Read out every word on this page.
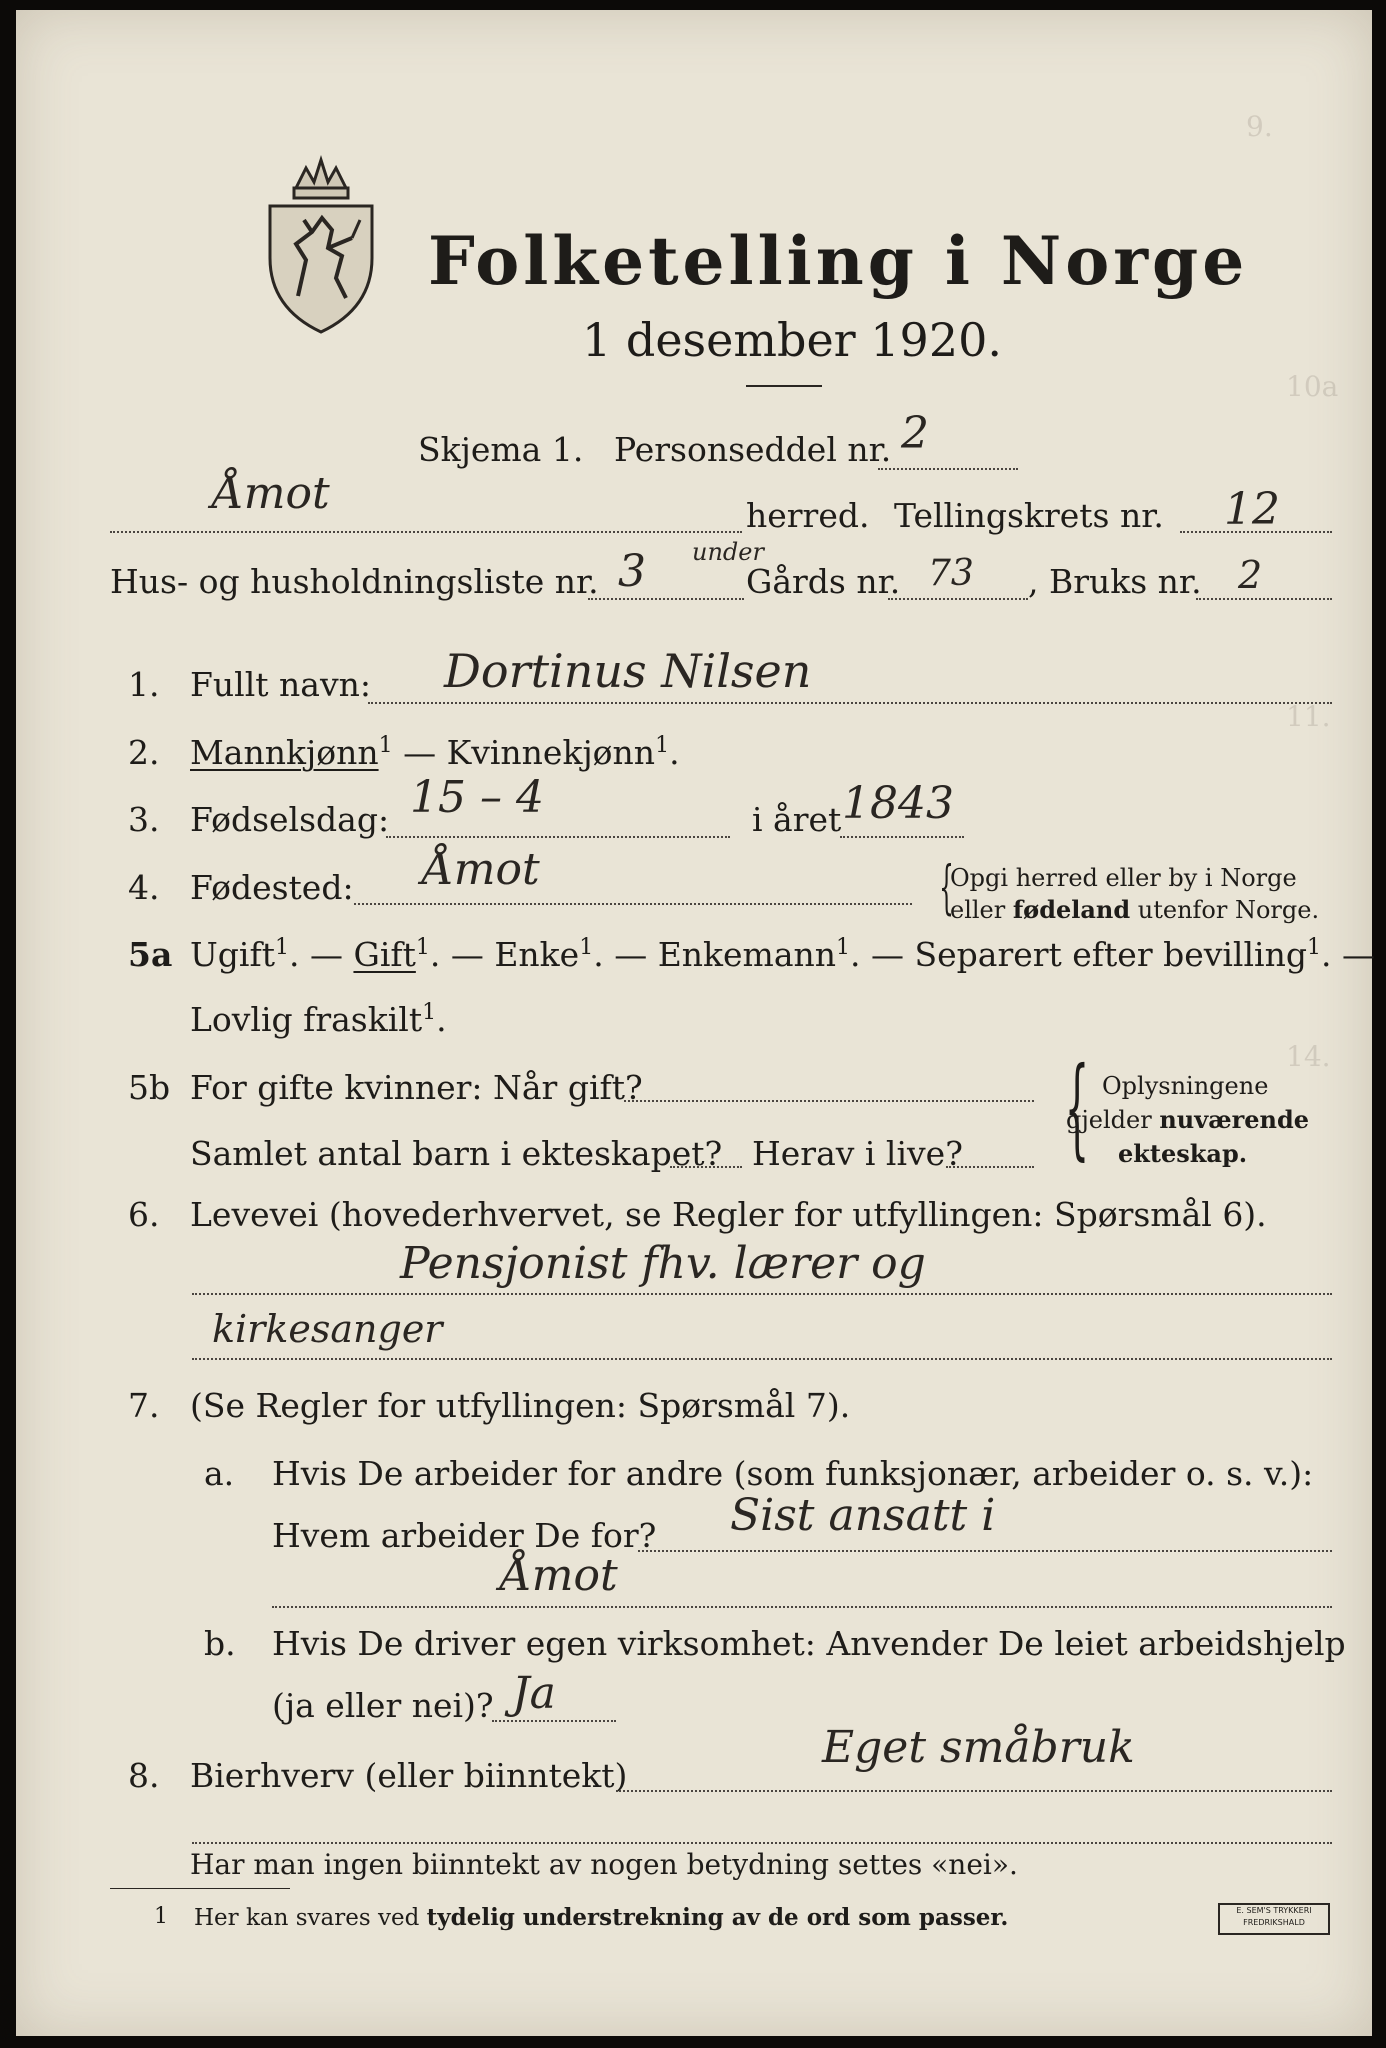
9.
10a
11.
14.
Folketelling i Norge
1 desember 1920.
Skjema 1. Personseddel nr. 2
Åmot	herred. Tellingskrets nr. 12
Hus- og husholdningsliste nr. 3 under
Gårds nr. 73 , Bruks nr. 2
1. Fullt navn: Dortinus Nilsen
2. Mannkjønn$^1$ — Kvinnekjønn$^1$.
3. Fødselsdag: 15 – 4	i året 1843
4. Fødested: Åmot	{
Opgi herred eller by i Norge
eller fødeland utenfor Norge.
5a Ugift$^1$. — Gift$^1$. — Enke$^1$. — Enkemann$^1$. — Separert efter bevilling$^1$. —
Lovlig fraskilt$^1$.
5b For gifte kvinner: Når gift?
Samlet antal barn i ekteskapet? Herav i live? { Oplysningene
gjelder nuværende
ekteskap.
6. Levevei (hovederhvervet, se Regler for utfyllingen: Spørsmål 6).
Pensjonist fhv. lærer og
kirkesanger
7. (Se Regler for utfyllingen: Spørsmål 7).
a. Hvis De arbeider for andre (som funksjonær, arbeider o. s. v.):
Hvem arbeider De for? Sist ansatt i
Åmot
b. Hvis De driver egen virksomhet: Anvender De leiet arbeidshjelp
(ja eller nei)? Ja
8. Bierhverv (eller biinntekt)
Eget småbruk
Har man ingen biinntekt av nogen betydning settes «nei».
1 Her kan svares ved tydelig understrekning av de ord som passer.	E. SEM'S TRYKKERI FREDRIKSHALD
